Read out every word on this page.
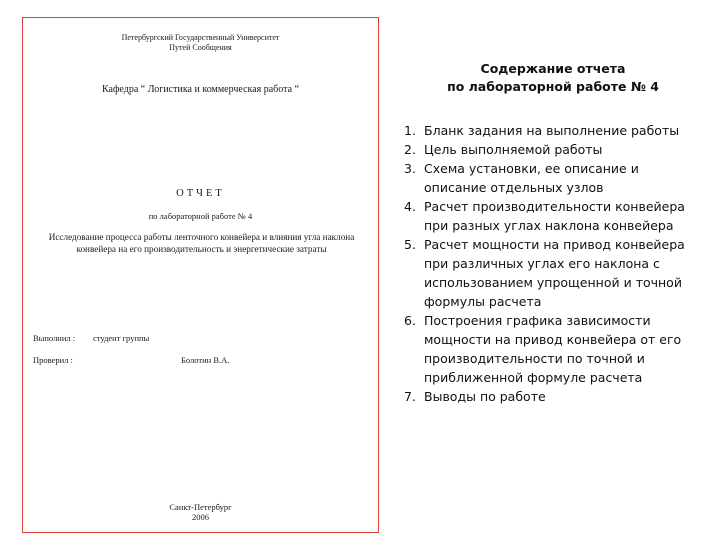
Петербургский Государственный Университет
Путей Сообщения
Кафедра “ Логистика и коммерческая работа “
ОТЧЕТ
по лабораторной работе № 4
Исследование процесса работы ленточного конвейера и влияния угла наклона конвейера на его производительность и энергетические затраты
Выполнил : студент группы
Проверил :	Болотин В.А.
Санкт-Петербург
2006
Содержание отчета
по лабораторной работе № 4
1. Бланк задания на выполнение работы
2. Цель выполняемой работы
3. Схема установки, ее описание и описание отдельных узлов
4. Расчет производительности конвейера при разных углах наклона конвейера
5. Расчет мощности на привод конвейера при различных углах его наклона с использованием упрощенной и точной формулы расчета
6. Построения графика зависимости мощности на привод конвейера от его производительности по точной и приближенной формуле расчета
7. Выводы по работе
